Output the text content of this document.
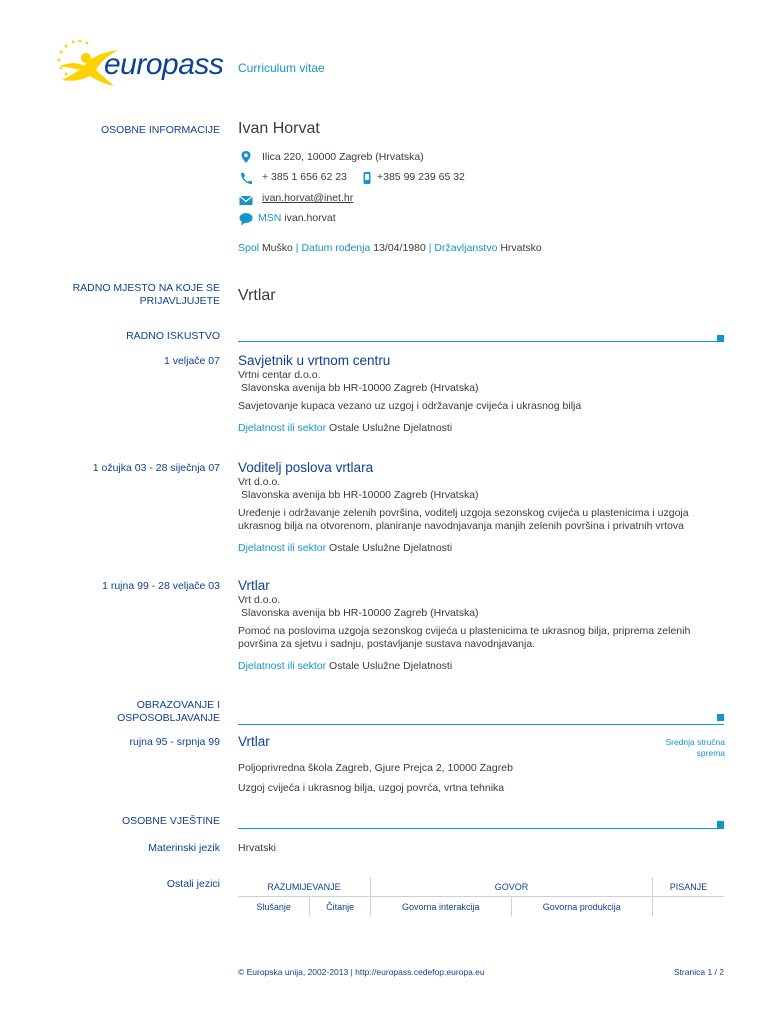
europass Curriculum vitae
OSOBNE INFORMACIJE Ivan Horvat
Ilica 220, 10000 Zagreb (Hrvatska)
+ 385 1 656 62 23	+385 99 239 65 32
ivan.horvat@inet.hr
MSN ivan.horvat
Spol Muško | Datum rođenja 13/04/1980 | Državljanstvo Hrvatsko
RADNO MJESTO NA KOJE SE PRIJAVLJUJETE Vrtlar
RADNO ISKUSTVO
1 veljače 07 Savjetnik u vrtnom centru
Vrtni centar d.o.o.
Slavonska avenija bb HR-10000 Zagreb (Hrvatska)
Savjetovanje kupaca vezano uz uzgoj i održavanje cvijeća i ukrasnog bilja
Djelatnost ili sektor Ostale Uslužne Djelatnosti
1 ožujka 03 - 28 siječnja 07 Voditelj poslova vrtlara
Vrt d.o.o.
Slavonska avenija bb HR-10000 Zagreb (Hrvatska)
Uređenje i održavanje zelenih površina, voditelj uzgoja sezonskog cvijeća u plastenicima i uzgoja ukrasnog bilja na otvorenom, planiranje navodnjavanja manjih zelenih površina i privatnih vrtova
Djelatnost ili sektor Ostale Uslužne Djelatnosti
1 rujna 99 - 28 veljače 03 Vrtlar
Vrt d.o.o.
Slavonska avenija bb HR-10000 Zagreb (Hrvatska)
Pomoć na poslovima uzgoja sezonskog cvijeća u plastenicima te ukrasnog bilja, priprema zelenih površina za sjetvu i sadnju, postavljanje sustava navodnjavanja.
Djelatnost ili sektor Ostale Uslužne Djelatnosti
OBRAZOVANJE I OSPOSOBLJAVANJE
rujna 95 - srpnja 99 Vrtlar	Srednja stručna sprema
Poljoprivredna škola Zagreb, Gjure Prejca 2, 10000 Zagreb
Uzgoj cvijeća i ukrasnog bilja, uzgoj povrća, vrtna tehnika
OSOBNE VJEŠTINE
Materinski jezik Hrvatski
Ostali jezici	RAZUMIJEVANJE		GOVOR		PISANJE
Slušanje	Čitanje	Govorna interakcija	Govorna produkcija	
© Europska unija, 2002-2013 | http://europass.cedefop.europa.eu	Stranica 1 / 2
